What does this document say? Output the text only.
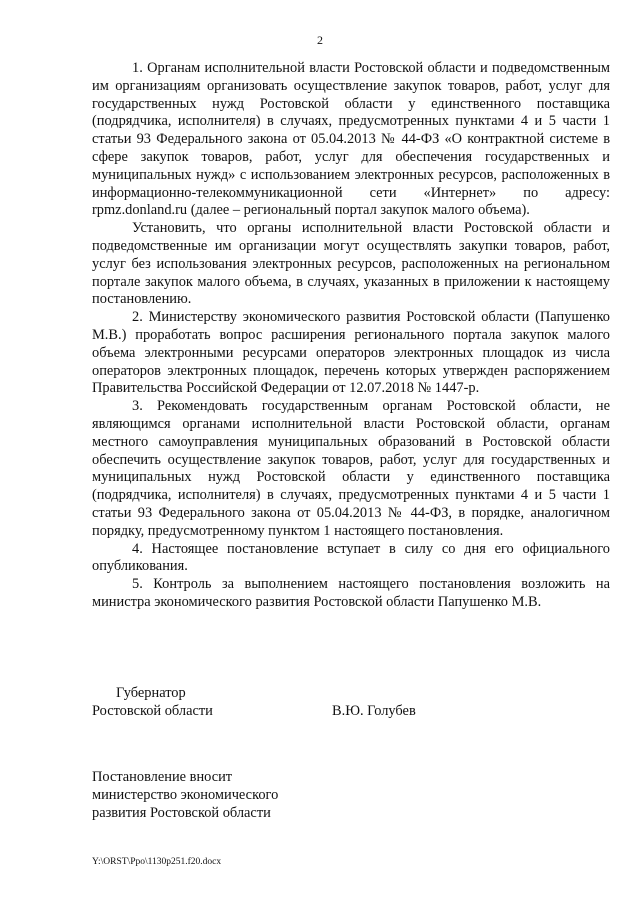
2

1. Органам исполнительной власти Ростовской области и подведомственным им организациям организовать осуществление закупок товаров, работ, услуг для государственных нужд Ростовской области у единственного поставщика (подрядчика, исполнителя) в случаях, предусмотренных пунктами 4 и 5 части 1 статьи 93 Федерального закона от 05.04.2013 № 44-ФЗ «О контрактной системе в сфере закупок товаров, работ, услуг для обеспечения государственных и муниципальных нужд» с использованием электронных ресурсов, расположенных в информационно-телекоммуникационной сети «Интернет» по адресу: rpmz.donland.ru (далее – региональный портал закупок малого объема).

Установить, что органы исполнительной власти Ростовской области и подведомственные им организации могут осуществлять закупки товаров, работ, услуг без использования электронных ресурсов, расположенных на региональном портале закупок малого объема, в случаях, указанных в приложении к настоящему постановлению.

2. Министерству экономического развития Ростовской области (Папушенко М.В.) проработать вопрос расширения регионального портала закупок малого объема электронными ресурсами операторов электронных площадок из числа операторов электронных площадок, перечень которых утвержден распоряжением Правительства Российской Федерации от 12.07.2018 № 1447-р.

3. Рекомендовать государственным органам Ростовской области, не являющимся органами исполнительной власти Ростовской области, органам местного самоуправления муниципальных образований в Ростовской области обеспечить осуществление закупок товаров, работ, услуг для государственных и муниципальных нужд Ростовской области у единственного поставщика (подрядчика, исполнителя) в случаях, предусмотренных пунктами 4 и 5 части 1 статьи 93 Федерального закона от 05.04.2013 № 44-ФЗ, в порядке, аналогичном порядку, предусмотренному пунктом 1 настоящего постановления.

4. Настоящее постановление вступает в силу со дня его официального опубликования.

5. Контроль за выполнением настоящего постановления возложить на министра экономического развития Ростовской области Папушенко М.В.

Губернатор
Ростовской области	В.Ю. Голубев
Постановление вносит
министерство экономического
развития Ростовской области
Y:\ORST\Ppo\1130p251.f20.docx
